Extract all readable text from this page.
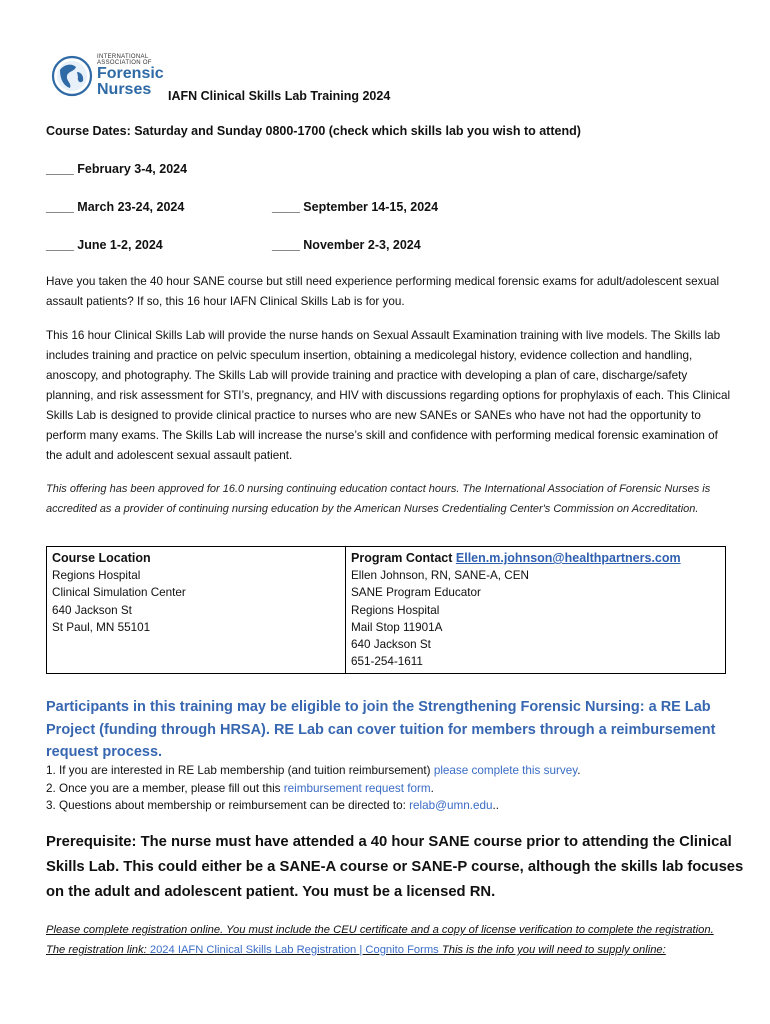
INTERNATIONAL
ASSOCIATION OF
Forensic
Nurses	IAFN Clinical Skills Lab Training 2024
Course Dates: Saturday and Sunday 0800-1700 (check which skills lab you wish to attend)
____ February 3-4, 2024
____ March 23-24, 2024	____ September 14-15, 2024
____ June 1-2, 2024	____ November 2-3, 2024
Have you taken the 40 hour SANE course but still need experience performing medical forensic exams for adult/adolescent sexual assault patients? If so, this 16 hour IAFN Clinical Skills Lab is for you.
This 16 hour Clinical Skills Lab will provide the nurse hands on Sexual Assault Examination training with live models. The Skills lab includes training and practice on pelvic speculum insertion, obtaining a medicolegal history, evidence collection and handling, anoscopy, and photography. The Skills Lab will provide training and practice with developing a plan of care, discharge/safety planning, and risk assessment for STI’s, pregnancy, and HIV with discussions regarding options for prophylaxis of each. This Clinical Skills Lab is designed to provide clinical practice to nurses who are new SANEs or SANEs who have not had the opportunity to perform many exams. The Skills Lab will increase the nurse’s skill and confidence with performing medical forensic examination of the adult and adolescent sexual assault patient.
This offering has been approved for 16.0 nursing continuing education contact hours. The International Association of Forensic Nurses is accredited as a provider of continuing nursing education by the American Nurses Credentialing Center's Commission on Accreditation.
Course Location
Regions Hospital
Clinical Simulation Center
640 Jackson St
St Paul, MN 55101

Program Contact Ellen.m.johnson@healthpartners.com
Ellen Johnson, RN, SANE-A, CEN
SANE Program Educator
Regions Hospital
Mail Stop 11901A
640 Jackson St
651-254-1611
Participants in this training may be eligible to join the Strengthening Forensic Nursing: a RE Lab Project (funding through HRSA). RE Lab can cover tuition for members through a reimbursement request process.
1. If you are interested in RE Lab membership (and tuition reimbursement) please complete this survey.
2. Once you are a member, please fill out this reimbursement request form.
3. Questions about membership or reimbursement can be directed to: relab@umn.edu..
Prerequisite: The nurse must have attended a 40 hour SANE course prior to attending the Clinical Skills Lab. This could either be a SANE-A course or SANE-P course, although the skills lab focuses on the adult and adolescent patient. You must be a licensed RN.
Please complete registration online. You must include the CEU certificate and a copy of license verification to complete the registration. The registration link: 2024 IAFN Clinical Skills Lab Registration | Cognito Forms This is the info you will need to supply online:
